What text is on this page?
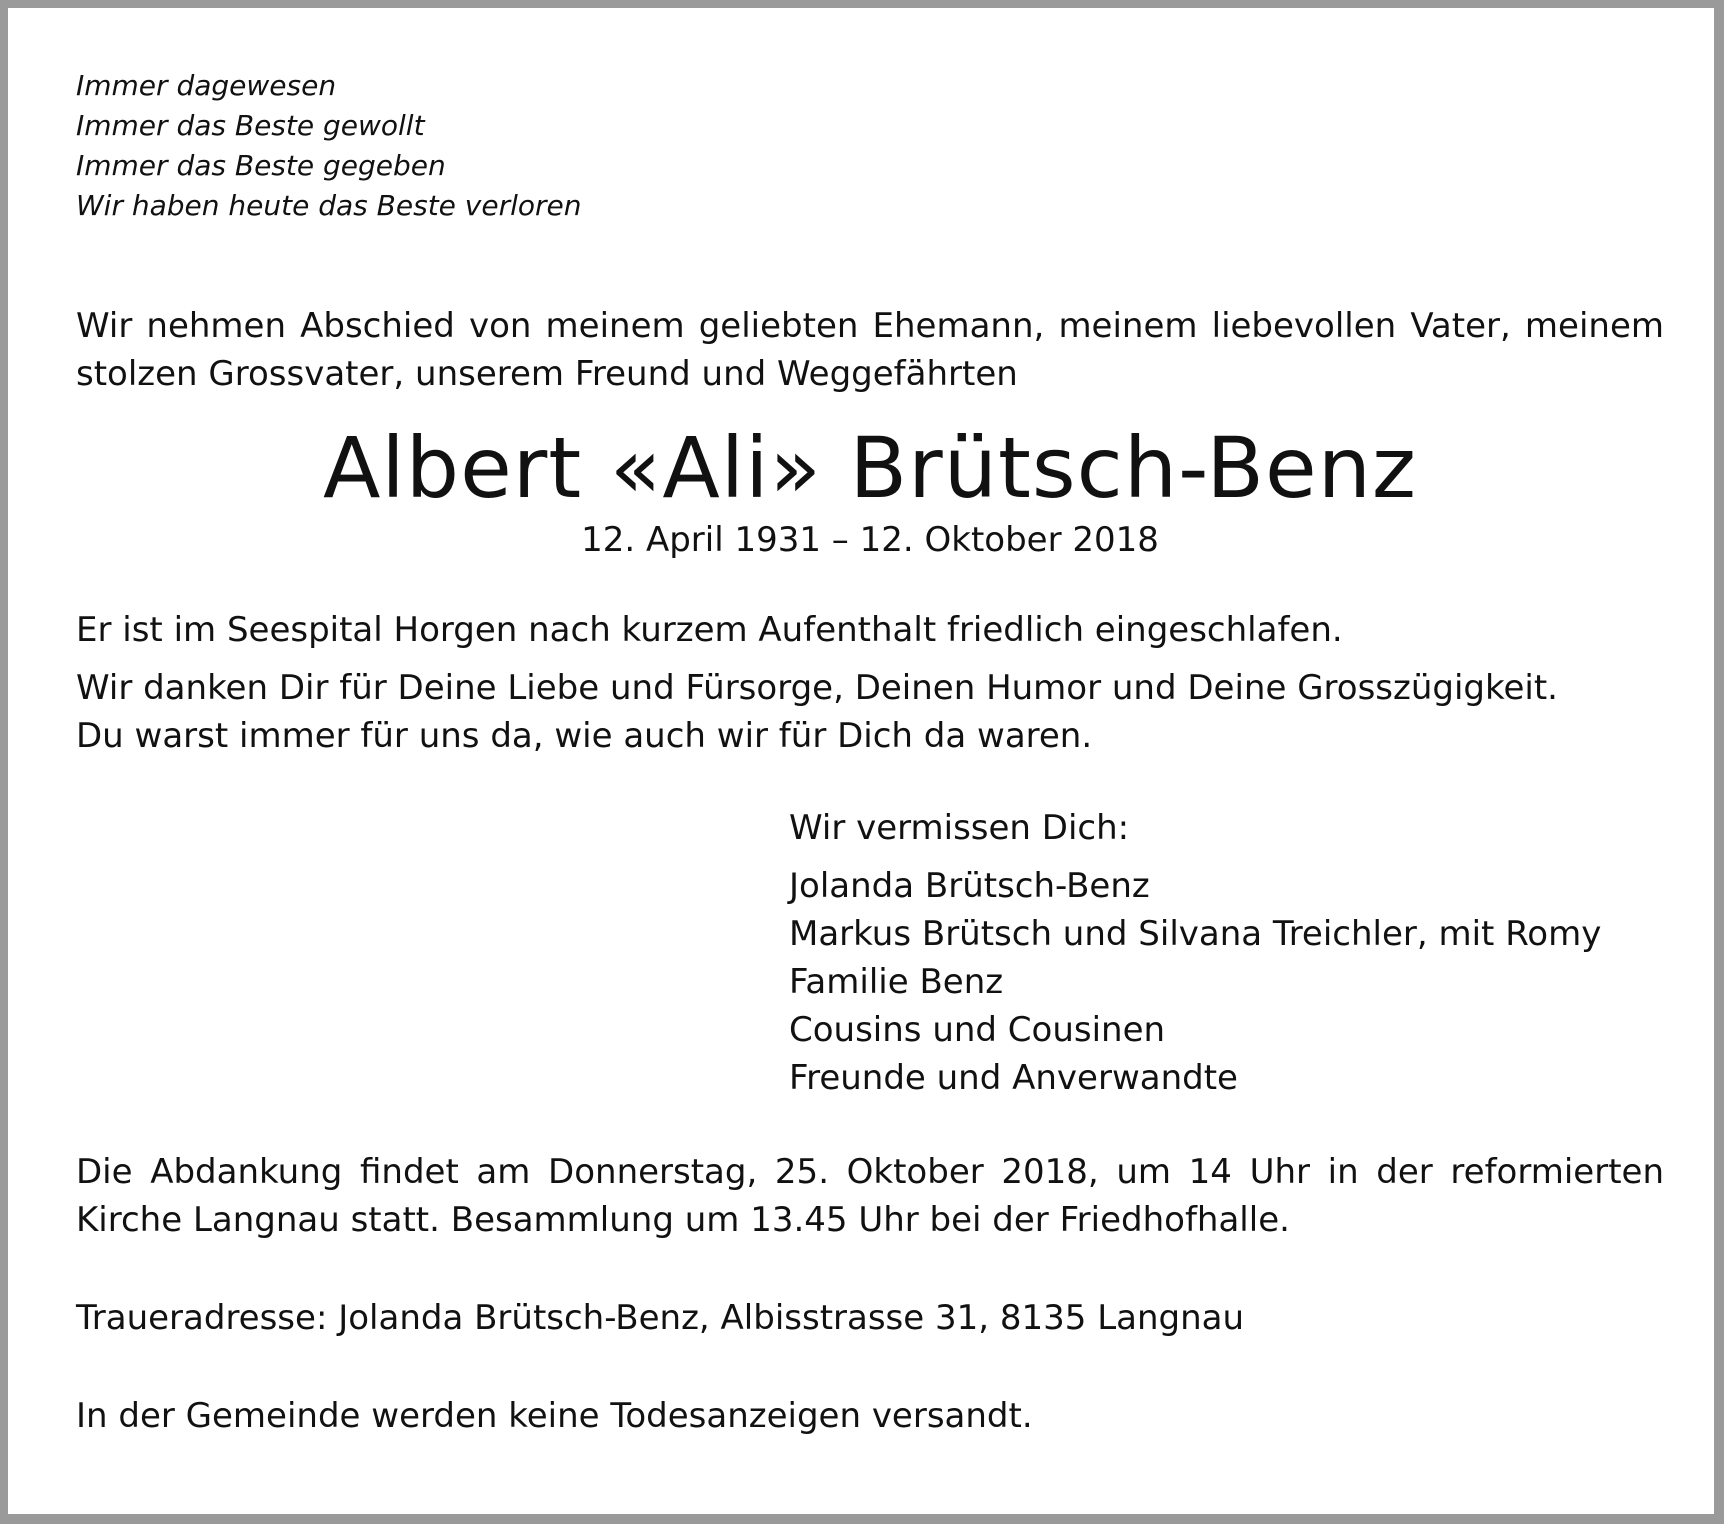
Immer dagewesen
Immer das Beste gewollt
Immer das Beste gegeben
Wir haben heute das Beste verloren

Wir nehmen Abschied von meinem geliebten Ehemann, meinem liebevollen Vater, meinem stolzen Grossvater, unserem Freund und Weggefährten

Albert «Ali» Brütsch-Benz
12. April 1931 – 12. Oktober 2018

Er ist im Seespital Horgen nach kurzem Aufenthalt friedlich eingeschlafen.

Wir danken Dir für Deine Liebe und Fürsorge, Deinen Humor und Deine Grosszügigkeit.

Du warst immer für uns da, wie auch wir für Dich da waren.

Wir vermissen Dich:

Jolanda Brütsch-Benz

Markus Brütsch und Silvana Treichler, mit Romy

Familie Benz

Cousins und Cousinen

Freunde und Anverwandte

Die Abdankung findet am Donnerstag, 25. Oktober 2018, um 14 Uhr in der reformierten Kirche Langnau statt. Besammlung um 13.45 Uhr bei der Friedhofhalle.

Traueradresse: Jolanda Brütsch-Benz, Albisstrasse 31, 8135 Langnau

In der Gemeinde werden keine Todesanzeigen versandt.
